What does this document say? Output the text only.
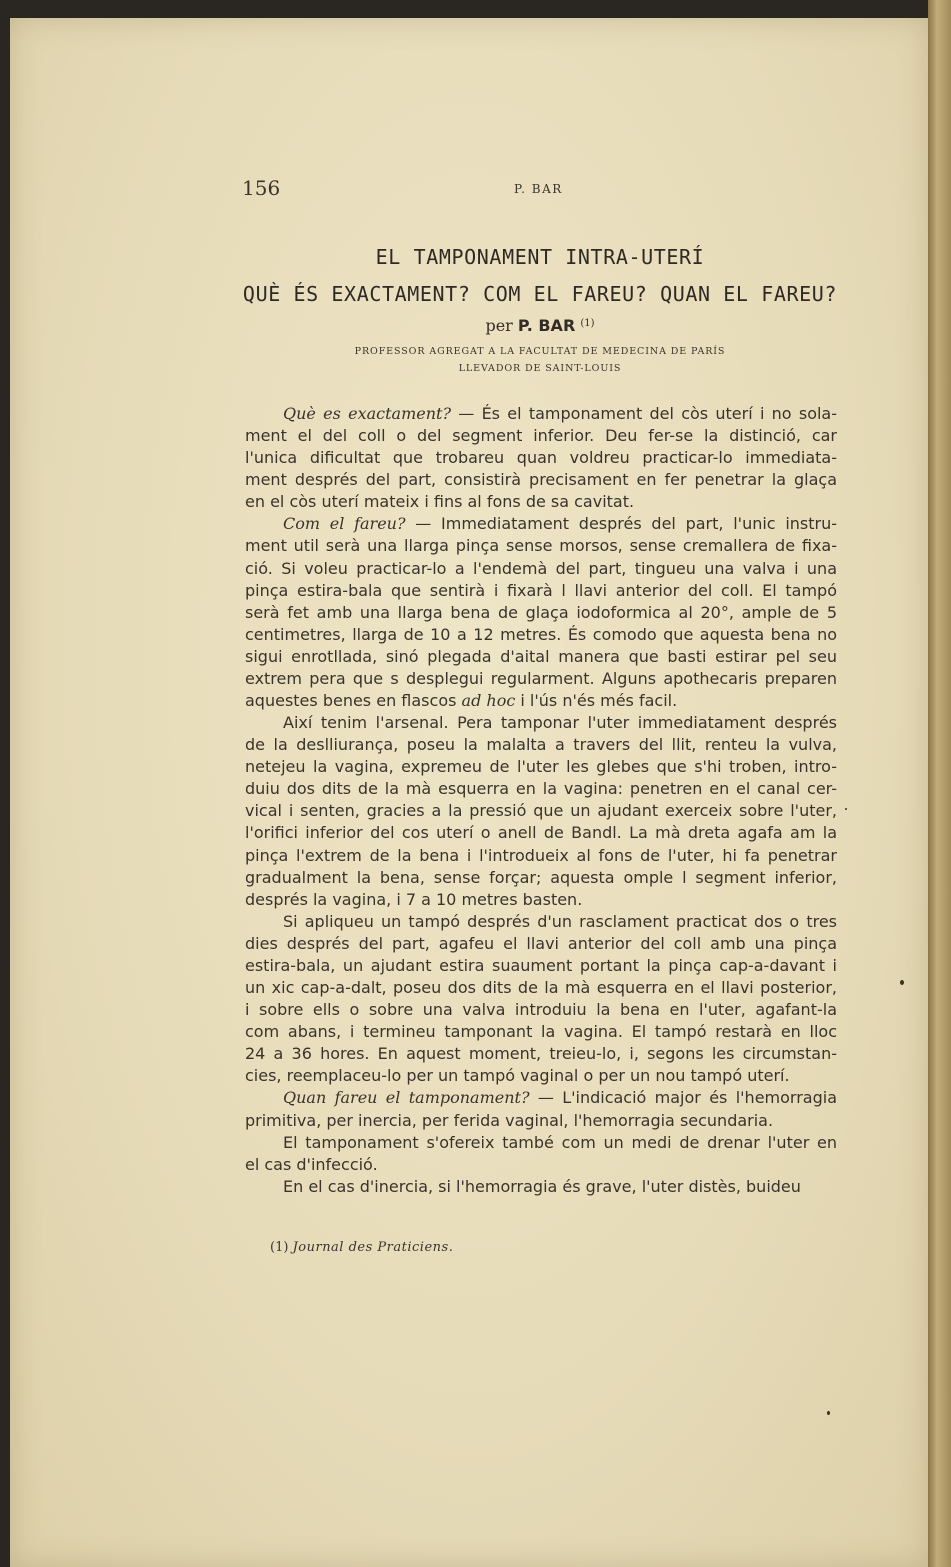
156	P. BAR
EL TAMPONAMENT INTRA-UTERÍ
QUÈ ÉS EXACTAMENT? COM EL FAREU? QUAN EL FAREU?
per P. BAR $^{(1)}$
PROFESSOR AGREGAT A LA FACULTAT DE MEDECINA DE PARÍS
LLEVADOR DE SAINT-LOUIS
Què es exactament? — És el tamponament del còs uterí i no sola-
ment el del coll o del segment inferior. Deu fer-se la distinció, car
l'unica dificultat que trobareu quan voldreu practicar-lo immediata-
ment després del part, consistirà precisament en fer penetrar la glaça
en el còs uterí mateix i fins al fons de sa cavitat.
Com el fareu? — Immediatament després del part, l'unic instru-
ment util serà una llarga pinça sense morsos, sense cremallera de fixa-
ció. Si voleu practicar-lo a l'endemà del part, tingueu una valva i una
pinça estira-bala que sentirà i fixarà l llavi anterior del coll. El tampó
serà fet amb una llarga bena de glaça iodoformica al 20°, ample de 5
centimetres, llarga de 10 a 12 metres. És comodo que aquesta bena no
sigui enrotllada, sinó plegada d'aital manera que basti estirar pel seu
extrem pera que s desplegui regularment. Alguns apothecaris preparen
aquestes benes en flascos ad hoc i l'ús n'és més facil.
Així tenim l'arsenal. Pera tamponar l'uter immediatament després
de la deslliurança, poseu la malalta a travers del llit, renteu la vulva,
netejeu la vagina, expremeu de l'uter les glebes que s'hi troben, intro-
duiu dos dits de la mà esquerra en la vagina: penetren en el canal cer-
vical i senten, gracies a la pressió que un ajudant exerceix sobre l'uter,
l'orifici inferior del cos uterí o anell de Bandl. La mà dreta agafa am la
pinça l'extrem de la bena i l'introdueix al fons de l'uter, hi fa penetrar
gradualment la bena, sense forçar; aquesta omple l segment inferior,
després la vagina, i 7 a 10 metres basten.
Si apliqueu un tampó després d'un rasclament practicat dos o tres
dies després del part, agafeu el llavi anterior del coll amb una pinça
estira-bala, un ajudant estira suaument portant la pinça cap-a-davant i
un xic cap-a-dalt, poseu dos dits de la mà esquerra en el llavi posterior,
i sobre ells o sobre una valva introduiu la bena en l'uter, agafant-la
com abans, i termineu tamponant la vagina. El tampó restarà en lloc
24 a 36 hores. En aquest moment, treieu-lo, i, segons les circumstan-
cies, reemplaceu-lo per un tampó vaginal o per un nou tampó uterí.
Quan fareu el tamponament? — L'indicació major és l'hemorragia
primitiva, per inercia, per ferida vaginal, l'hemorragia secundaria.
El tamponament s'ofereix també com un medi de drenar l'uter en
el cas d'infecció.
En el cas d'inercia, si l'hemorragia és grave, l'uter distès, buideu
(1) Journal des Praticiens.
